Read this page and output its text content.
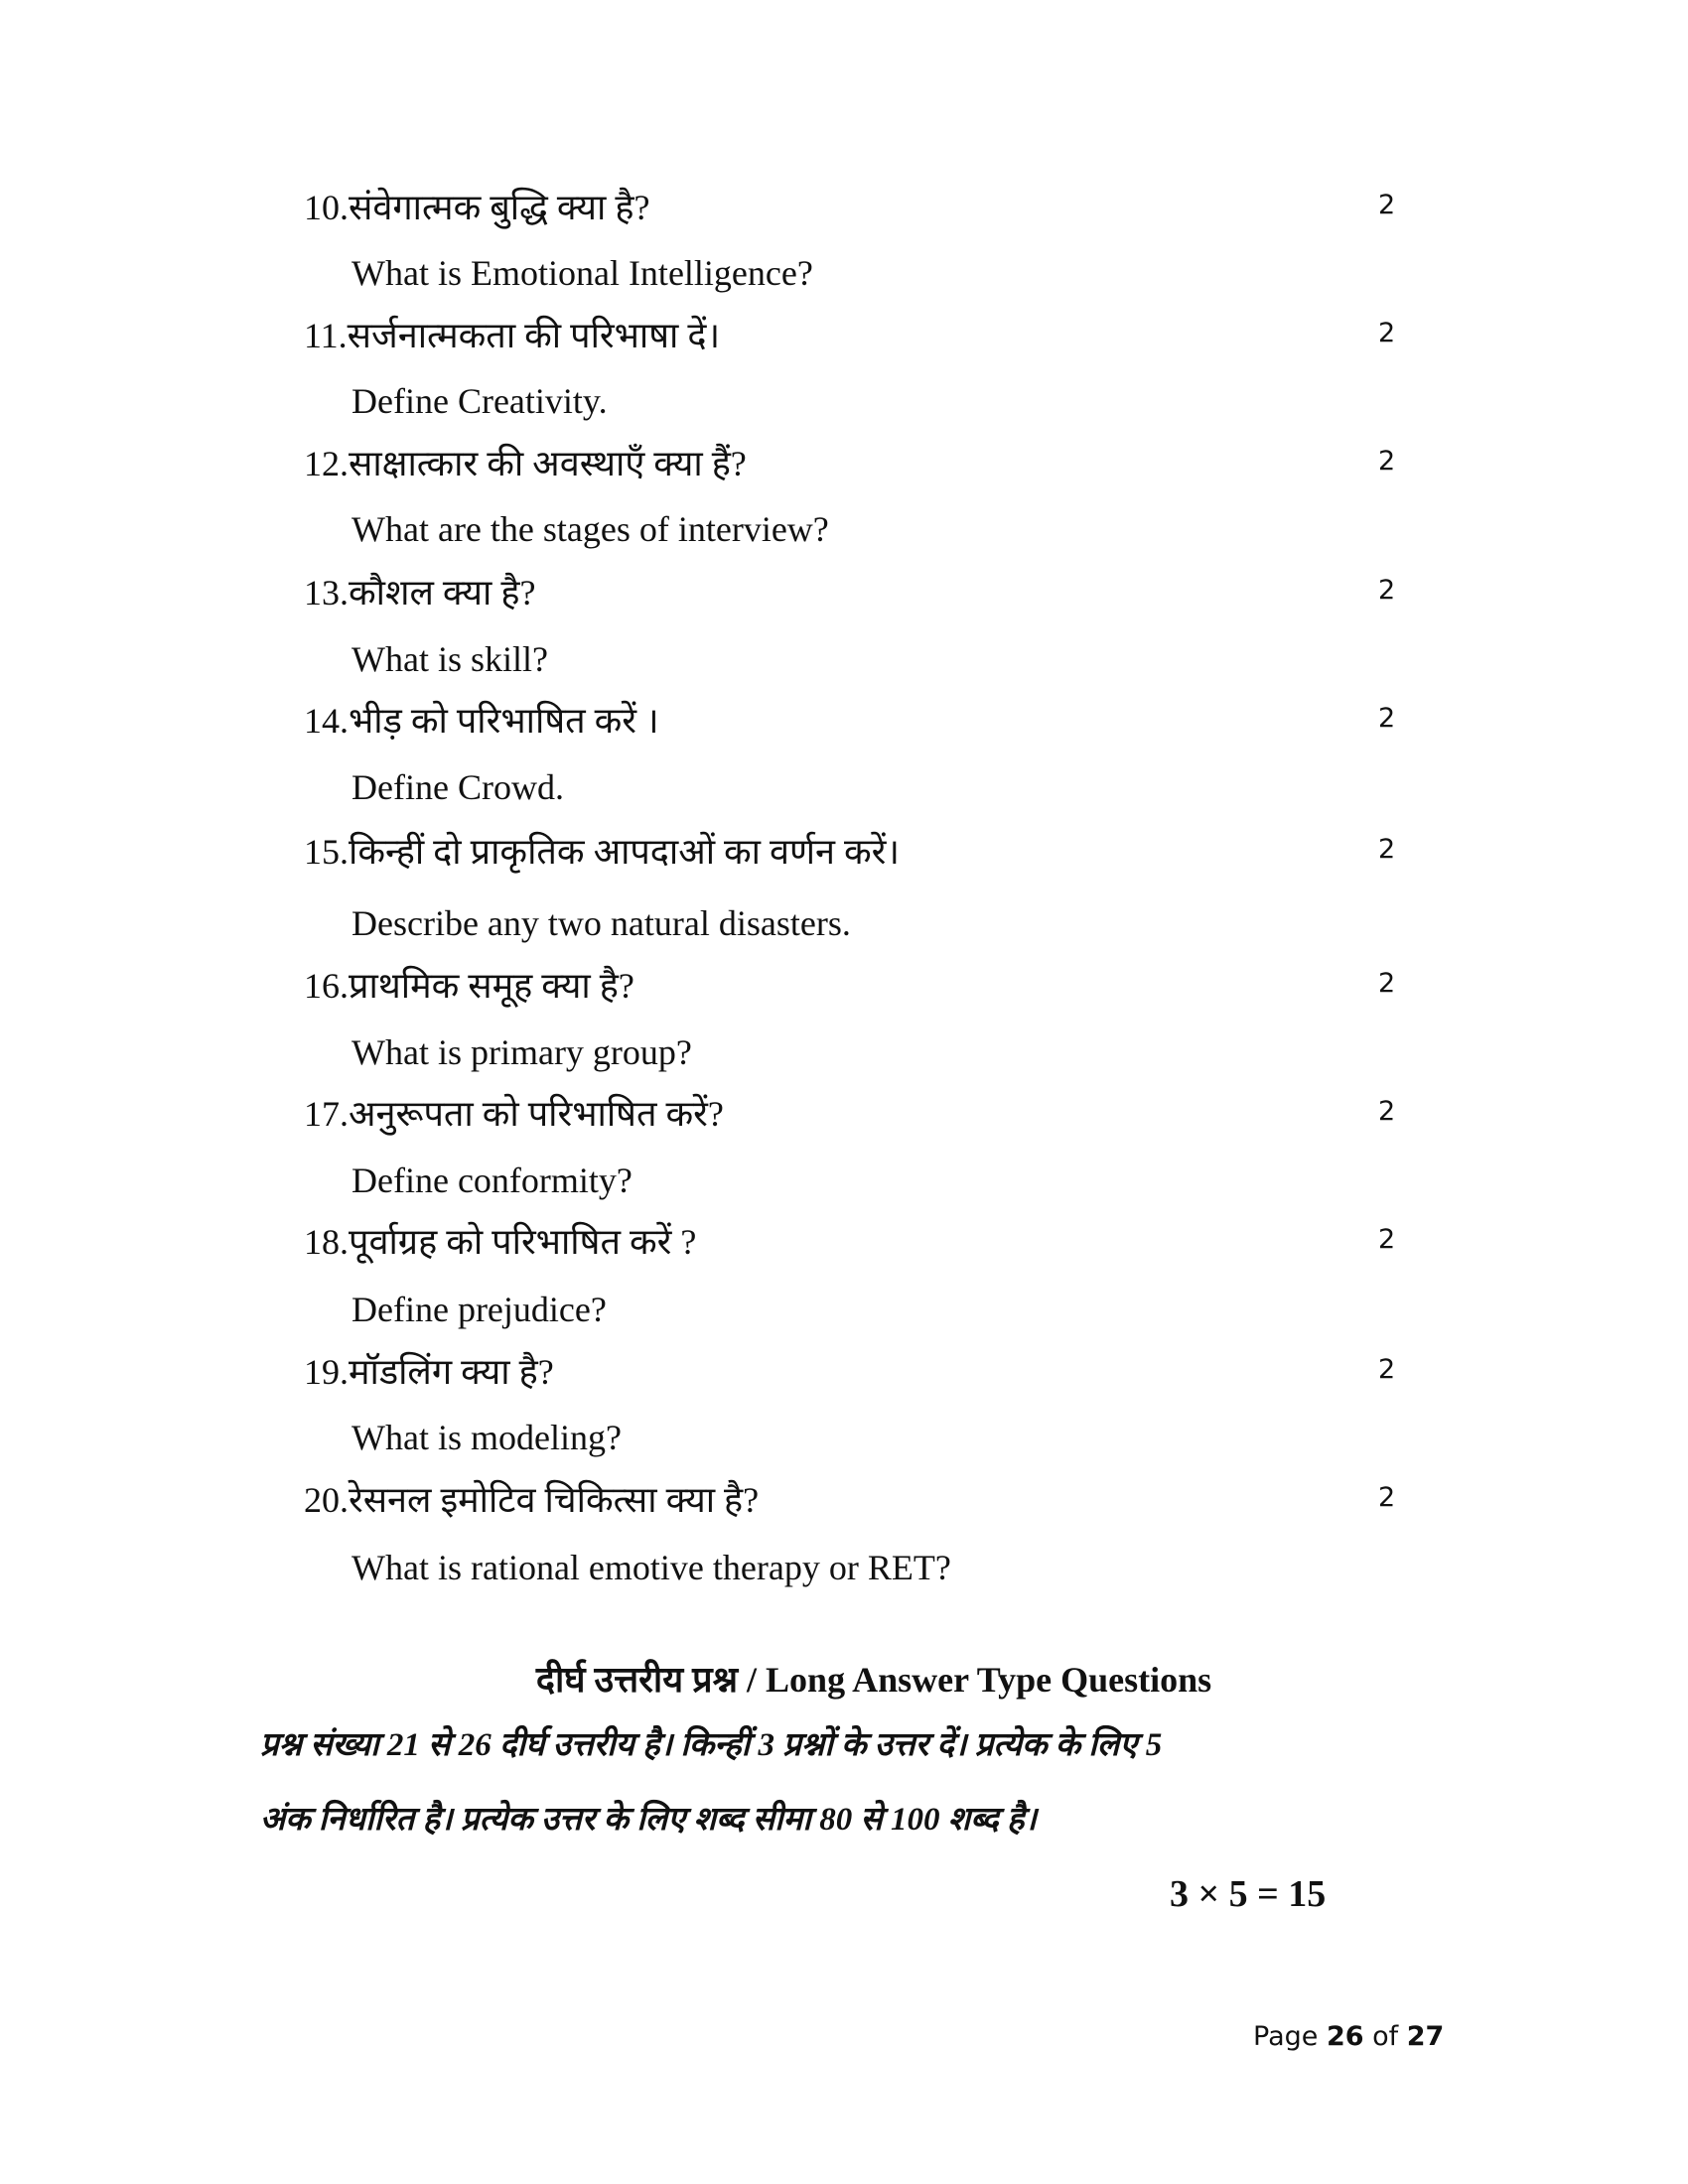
10.संवेगात्मक बुद्धि क्या है?	2
What is Emotional Intelligence?
11.सर्जनात्मकता की परिभाषा दें।	2
Define Creativity.
12.साक्षात्कार की अवस्थाएँ क्या हैं?	2
What are the stages of interview?
13.कौशल क्या है?	2
What is skill?
14.भीड़ को परिभाषित करें ।	2
Define Crowd.
15.किन्हीं दो प्राकृतिक आपदाओं का वर्णन करें।	2
Describe any two natural disasters.
16.प्राथमिक समूह क्या है?	2
What is primary group?
17.अनुरूपता को परिभाषित करें?	2
Define conformity?
18.पूर्वाग्रह को परिभाषित करें ?	2
Define prejudice?
19.मॉडलिंग क्या है?	2
What is modeling?
20.रेसनल इमोटिव चिकित्सा क्या है?	2
What is rational emotive therapy or RET?
दीर्घ उत्तरीय प्रश्न / Long Answer Type Questions
प्रश्न संख्या 21 से 26 दीर्घ उत्तरीय है। किन्हीं 3 प्रश्नों के उत्तर दें। प्रत्येक के लिए 5
अंक निर्धारित है। प्रत्येक उत्तर के लिए शब्द सीमा 80 से 100 शब्द है।
3 × 5 = 15
Page 26 of 27
